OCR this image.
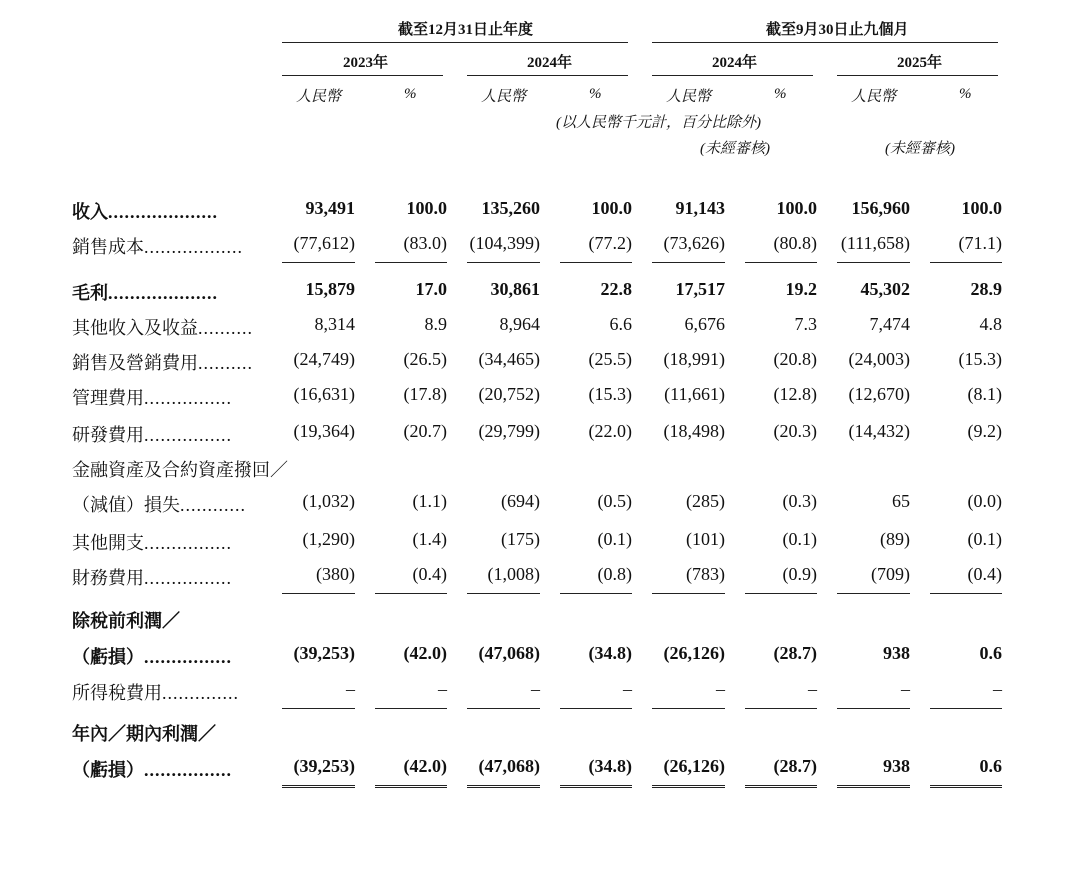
截至12月31日止年度	截至9月30日止九個月
2023年	2024年	2024年	2025年
人民幣	%	人民幣	%	人民幣	%	人民幣	%
(以人民幣千元計，百分比除外)
(未經審核)	(未經審核)
收入....................	93,491	100.0 135,260	100.0 91,143	100.0 156,960	100.0
銷售成本..................	(77,612)	(83.0) (104,399)	(77.2) (73,626)	(80.8) (111,658)	(71.1)
毛利....................	15,879	17.0 30,861	22.8 17,517	19.2 45,302	28.9
其他收入及收益..........	8,314	8.9	8,964	6.6	6,676	7.3	7,474	4.8
銷售及營銷費用.......... (24,749)	(26.5) (34,465)	(25.5) (18,991)	(20.8) (24,003)	(15.3)
管理費用................	(16,631)	(17.8) (20,752)	(15.3) (11,661)	(12.8) (12,670)	(8.1)
研發費用................	(19,364)	(20.7) (29,799)	(22.0) (18,498)	(20.3) (14,432)	(9.2)
金融資產及合約資產撥回／
（減值）損失............	(1,032)	(1.1)	(694)	(0.5)	(285)	(0.3)	65	(0.0)
其他開支................	(1,290)	(1.4)	(175)	(0.1)	(101)	(0.1)	(89)	(0.1)
財務費用................	(380)	(0.4) (1,008)	(0.8)	(783)	(0.9)	(709)	(0.4)
除稅前利潤／
（虧損）................	(39,253)	(42.0) (47,068)	(34.8) (26,126)	(28.7)	938	0.6
所得稅費用..............	–	–	–	–	–	–	–	–
年內／期內利潤／
（虧損）................	(39,253)	(42.0) (47,068)	(34.8) (26,126)	(28.7)	938	0.6
